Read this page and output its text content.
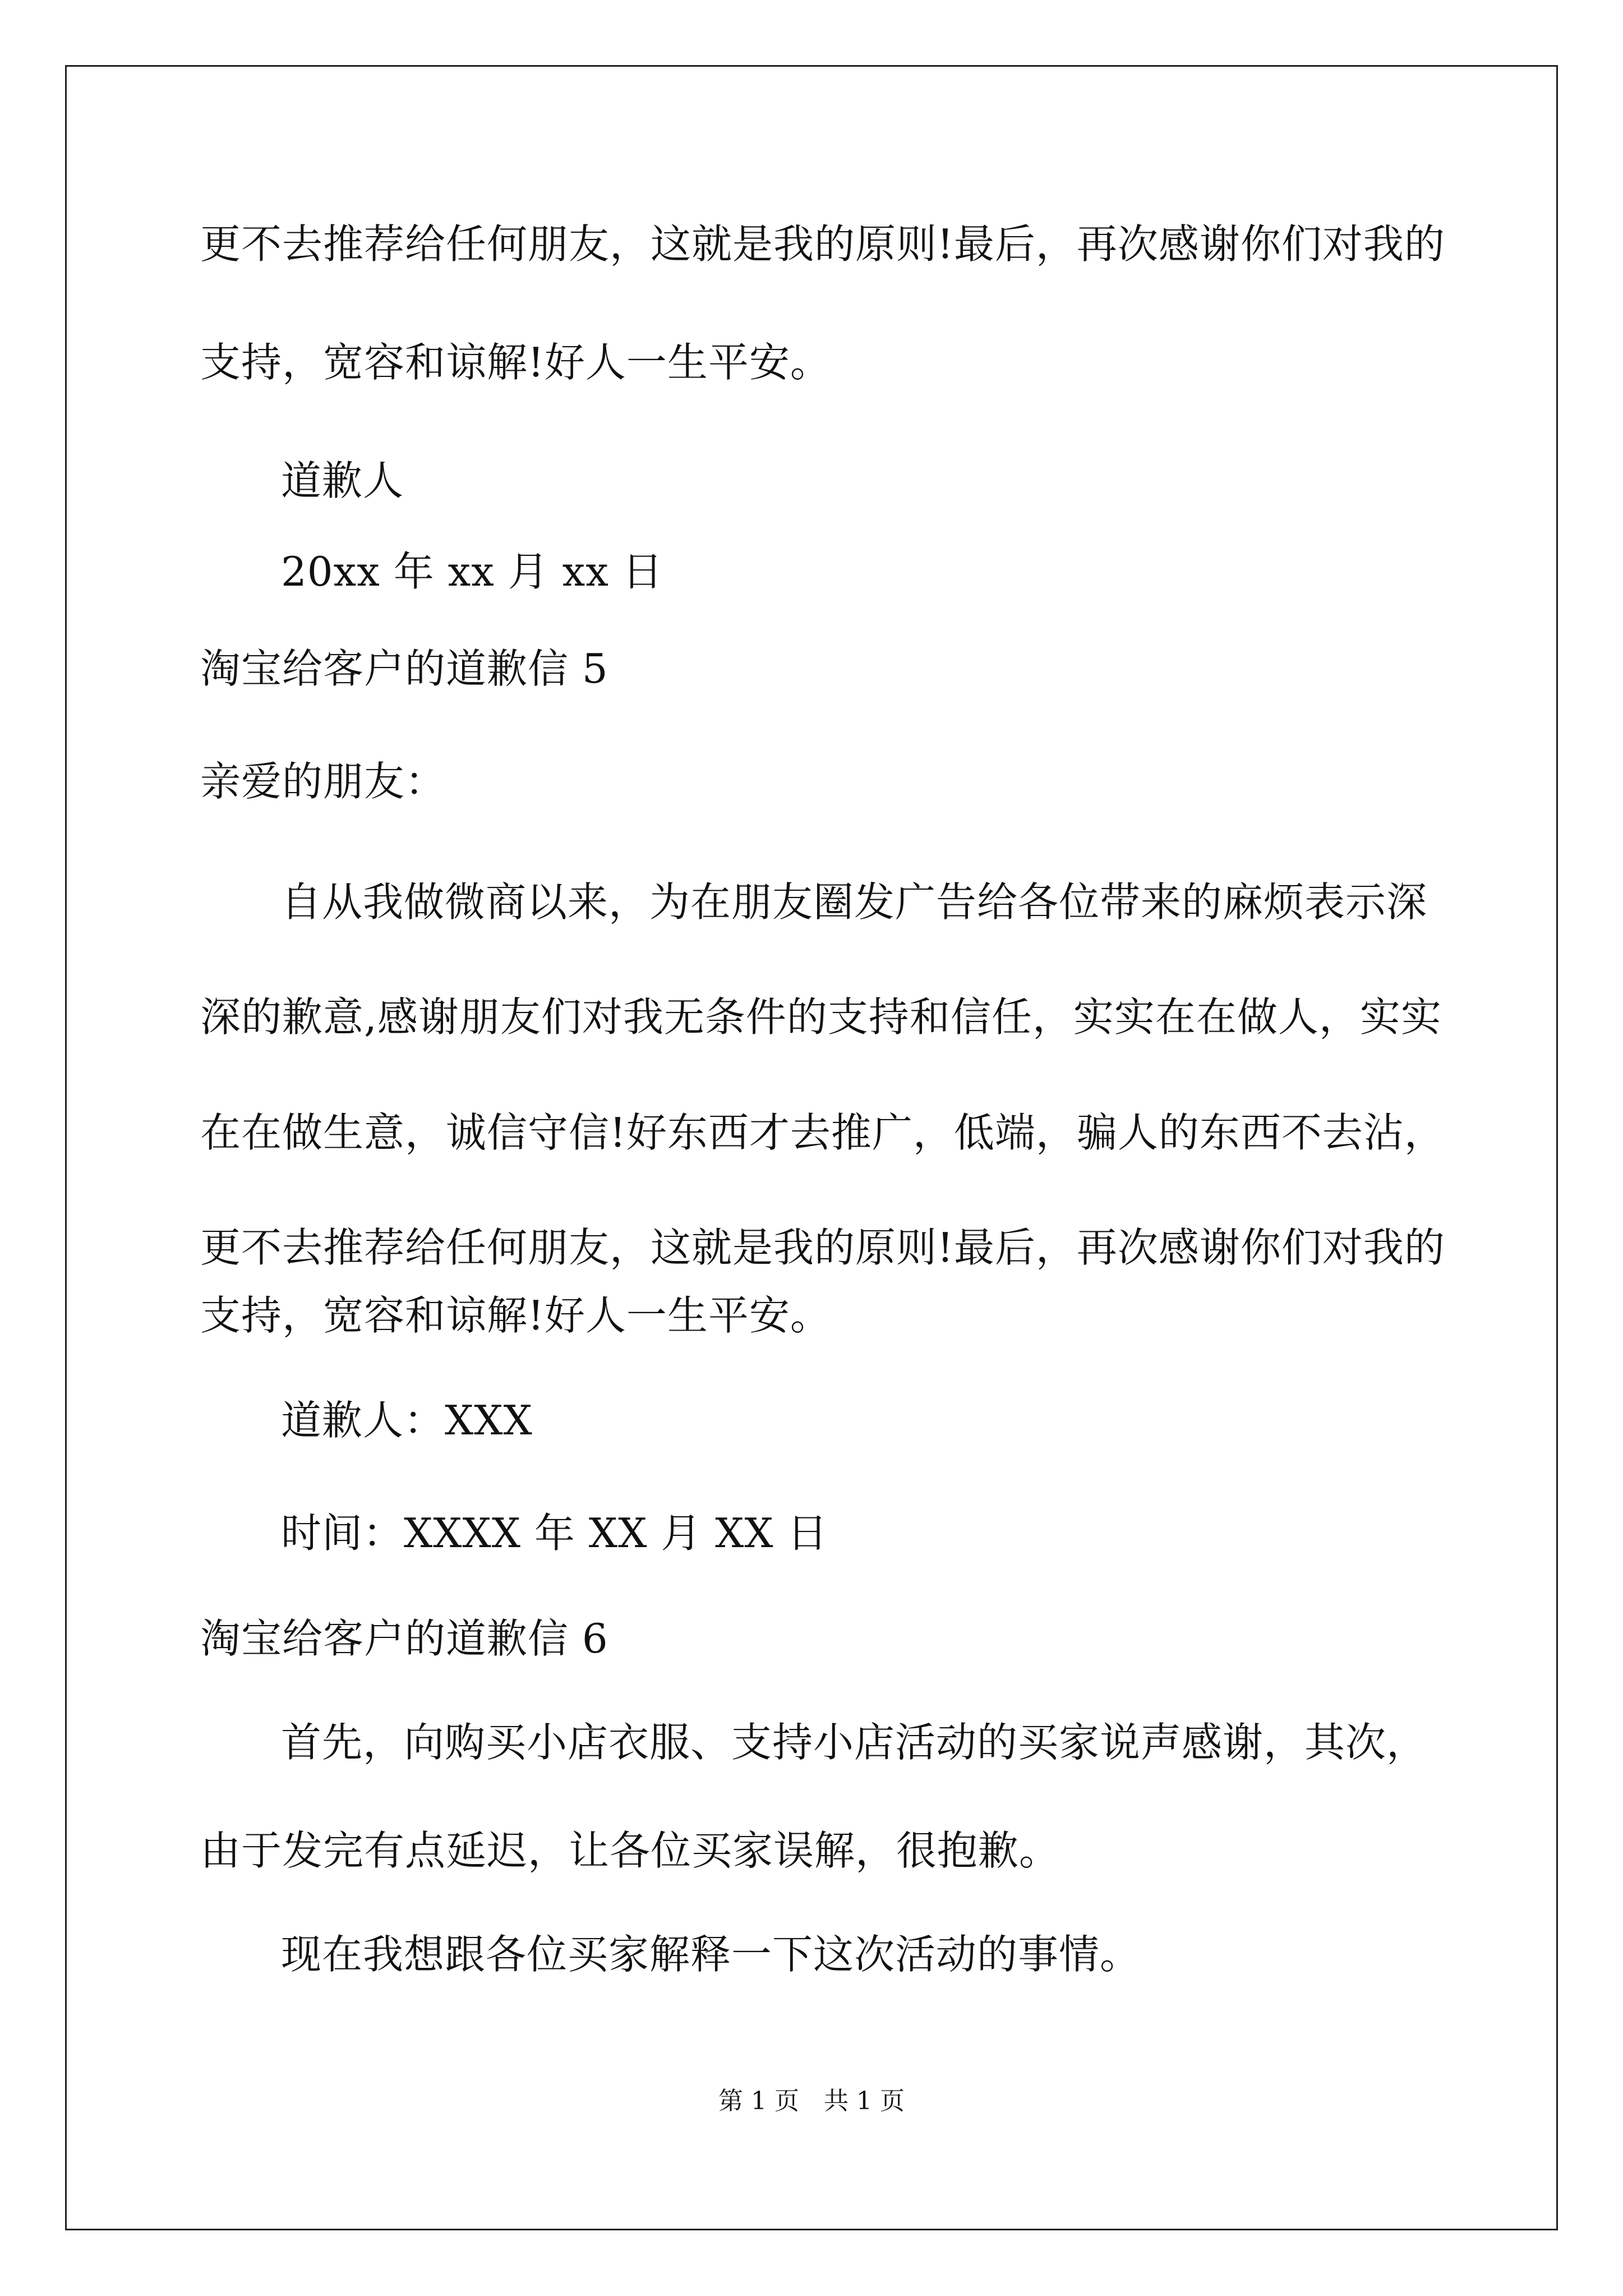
更不去推荐给任何朋友，这就是我的原则!最后，再次感谢你们对我的

支持，宽容和谅解!好人一生平安。

道歉人

20xx 年 xx 月 xx 日

淘宝给客户的道歉信 5

亲爱的朋友：

自从我做微商以来，为在朋友圈发广告给各位带来的麻烦表示深

深的歉意,感谢朋友们对我无条件的支持和信任，实实在在做人，实实

在在做生意，诚信守信!好东西才去推广，低端，骗人的东西不去沾，

更不去推荐给任何朋友，这就是我的原则!最后，再次感谢你们对我的

支持，宽容和谅解!好人一生平安。

道歉人：XXX

时间：XXXX 年 XX 月 XX 日

淘宝给客户的道歉信 6

首先，向购买小店衣服、支持小店活动的买家说声感谢，其次，

由于发完有点延迟，让各位买家误解，很抱歉。

现在我想跟各位买家解释一下这次活动的事情。

第 1 页　共 1 页
